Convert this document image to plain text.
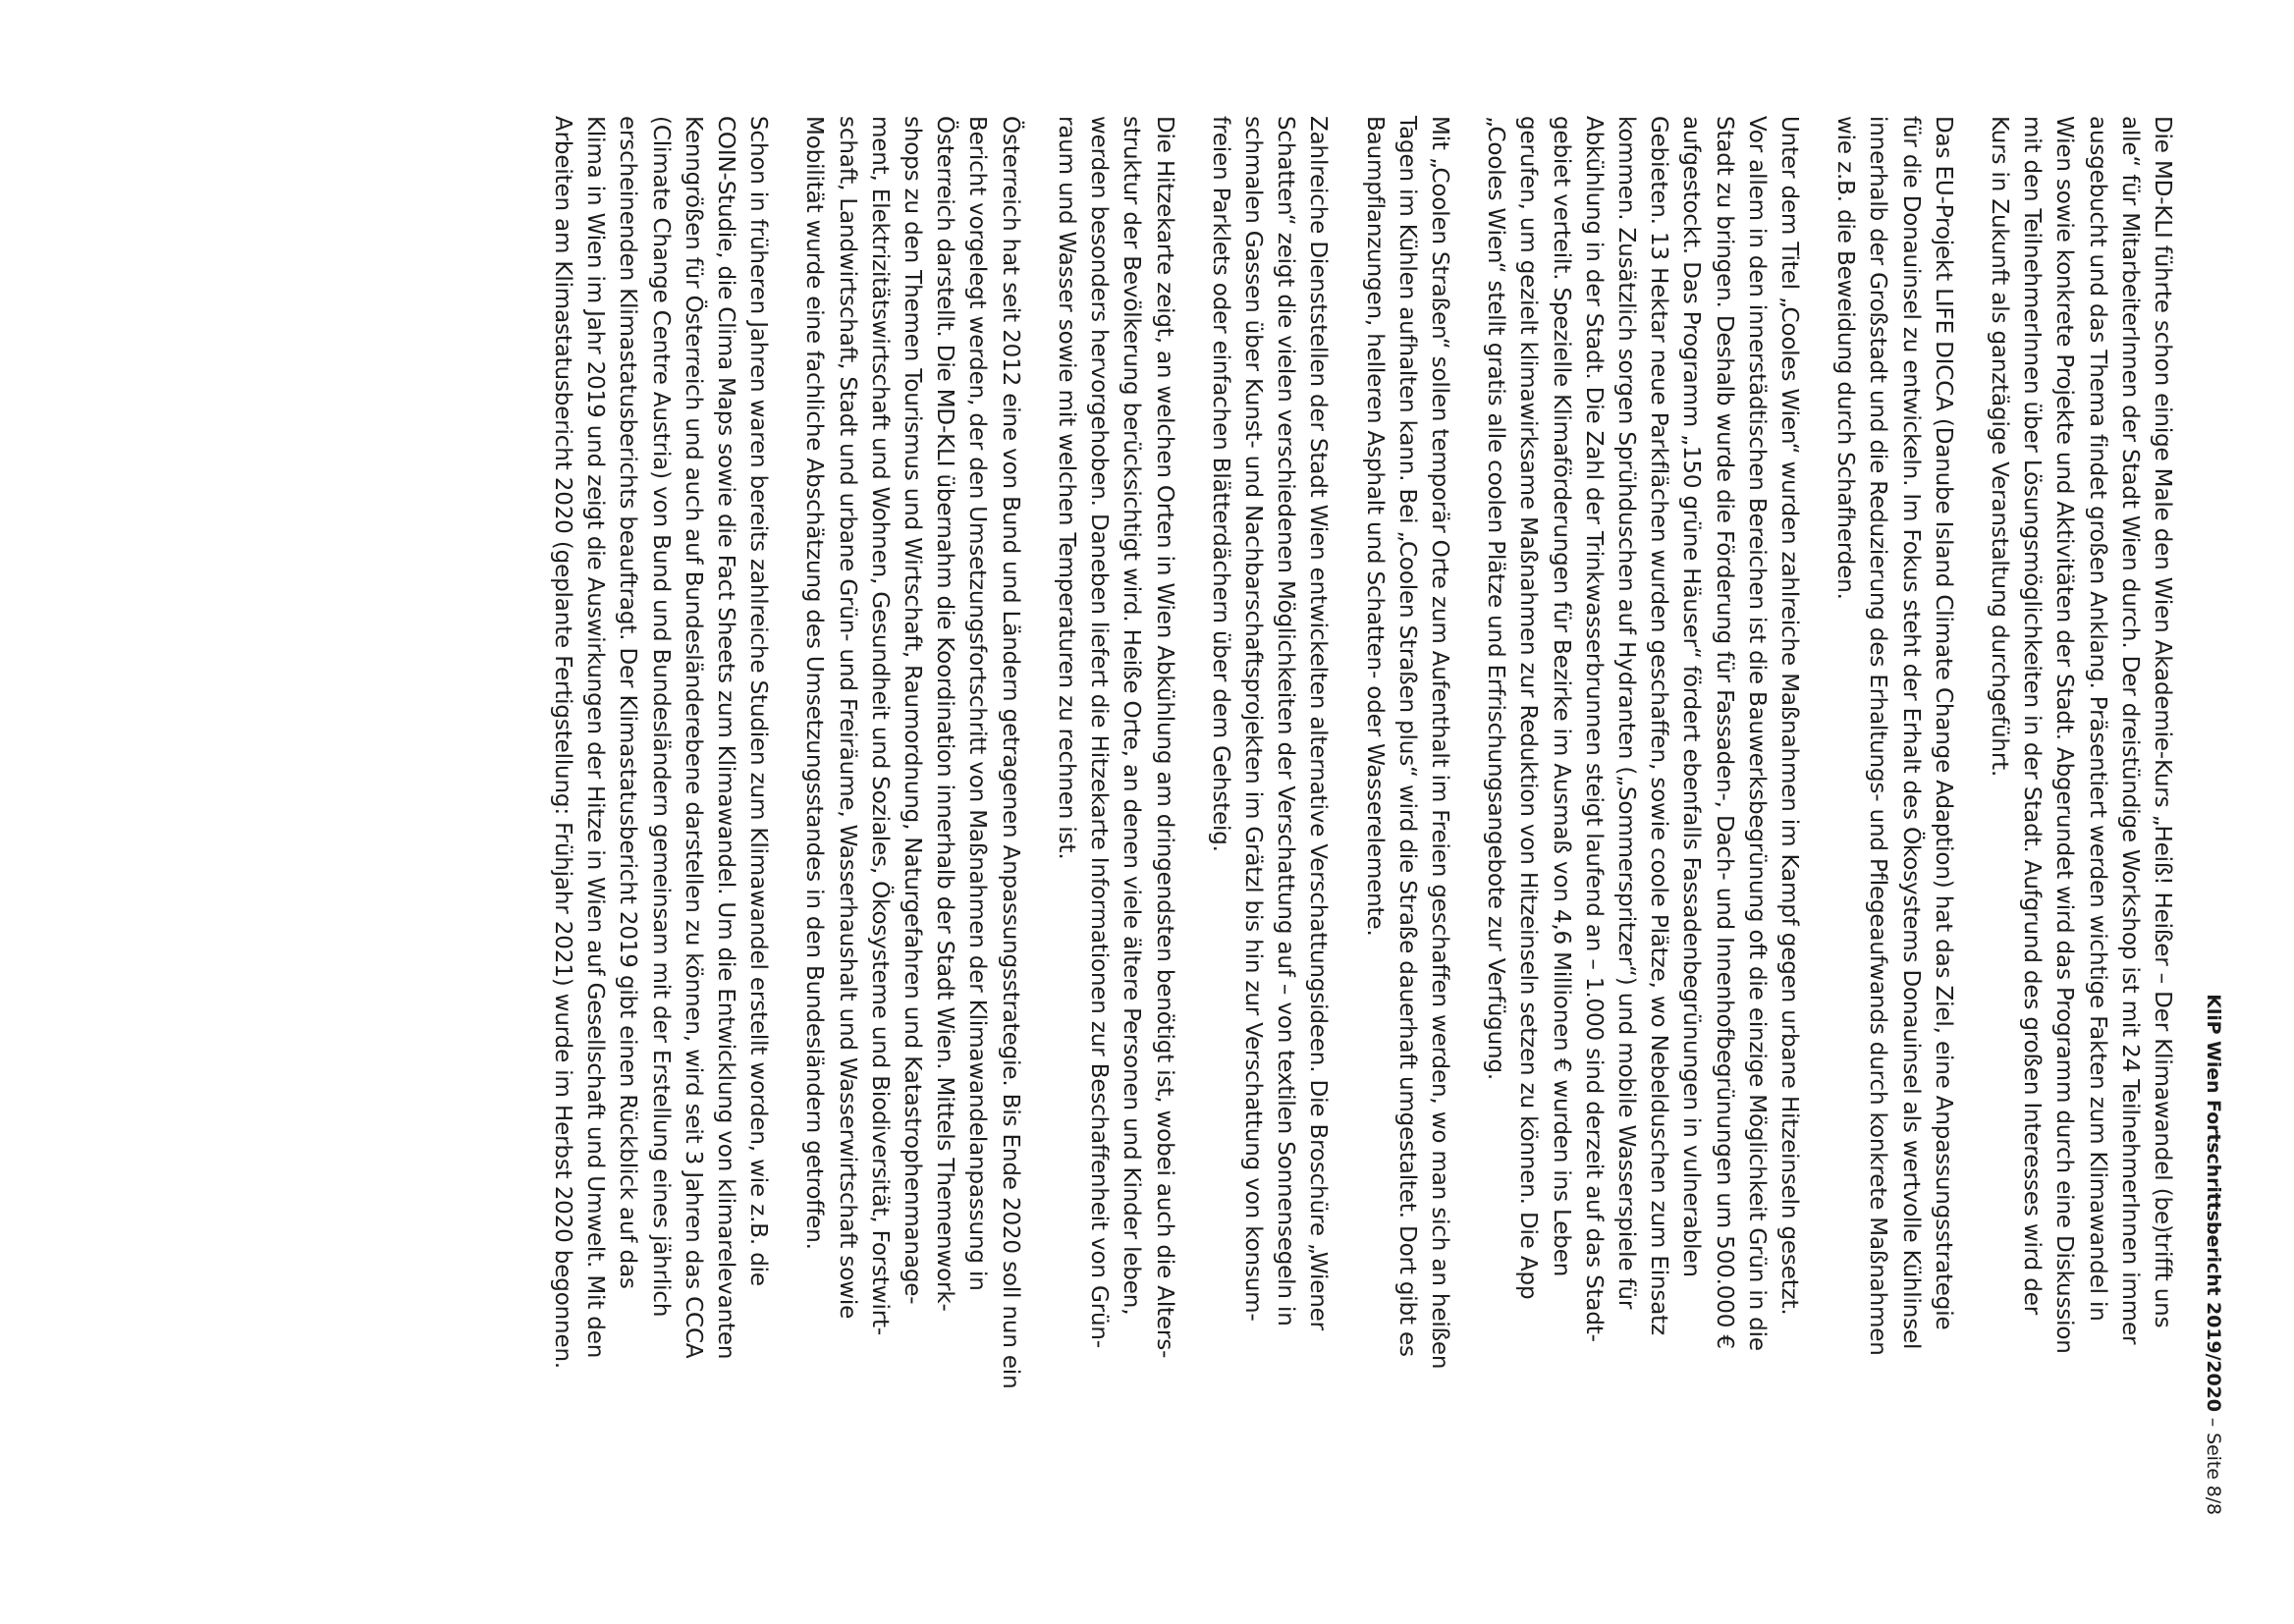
KliP Wien Fortschrittsbericht 2019/2020 – Seite 8/8

Die MD-KLI führte schon einige Male den Wien Akademie-Kurs „Heiß! Heißer – Der Klimawandel (be)trifft uns
alle“ für MitarbeiterInnen der Stadt Wien durch. Der dreistündige Workshop ist mit 24 TeilnehmerInnen immer
ausgebucht und das Thema findet großen Anklang. Präsentiert werden wichtige Fakten zum Klimawandel in
Wien sowie konkrete Projekte und Aktivitäten der Stadt. Abgerundet wird das Programm durch eine Diskussion
mit den TeilnehmerInnen über Lösungsmöglichkeiten in der Stadt. Aufgrund des großen Interesses wird der
Kurs in Zukunft als ganztägige Veranstaltung durchgeführt.

Das EU-Projekt LIFE DICCA (Danube Island Climate Change Adaption) hat das Ziel, eine Anpassungsstrategie
für die Donauinsel zu entwickeln. Im Fokus steht der Erhalt des Ökosystems Donauinsel als wertvolle Kühlinsel
innerhalb der Großstadt und die Reduzierung des Erhaltungs- und Pflegeaufwands durch konkrete Maßnahmen
wie z.B. die Beweidung durch Schafherden.

Unter dem Titel „Cooles Wien“ wurden zahlreiche Maßnahmen im Kampf gegen urbane Hitzeinseln gesetzt.
Vor allem in den innerstädtischen Bereichen ist die Bauwerksbegrünung oft die einzige Möglichkeit Grün in die
Stadt zu bringen. Deshalb wurde die Förderung für Fassaden-, Dach- und Innenhofbegrünungen um 500.000 €
aufgestockt. Das Programm „150 grüne Häuser“ fördert ebenfalls Fassadenbegrünungen in vulnerablen
Gebieten. 13 Hektar neue Parkflächen wurden geschaffen, sowie coole Plätze, wo Nebelduschen zum Einsatz
kommen. Zusätzlich sorgen Sprühduschen auf Hydranten („Sommerspritzer“) und mobile Wasserspiele für
Abkühlung in der Stadt. Die Zahl der Trinkwasserbrunnen steigt laufend an – 1.000 sind derzeit auf das Stadt-
gebiet verteilt. Spezielle Klimaförderungen für Bezirke im Ausmaß von 4,6 Millionen € wurden ins Leben
gerufen, um gezielt klimawirksame Maßnahmen zur Reduktion von Hitzeinseln setzen zu können. Die App
„Cooles Wien“ stellt gratis alle coolen Plätze und Erfrischungsangebote zur Verfügung.

Mit „Coolen Straßen“ sollen temporär Orte zum Aufenthalt im Freien geschaffen werden, wo man sich an heißen
Tagen im Kühlen aufhalten kann. Bei „Coolen Straßen plus“ wird die Straße dauerhaft umgestaltet. Dort gibt es
Baumpflanzungen, helleren Asphalt und Schatten- oder Wasserelemente.

Zahlreiche Dienststellen der Stadt Wien entwickelten alternative Verschattungsideen. Die Broschüre „Wiener
Schatten“ zeigt die vielen verschiedenen Möglichkeiten der Verschattung auf – von textilen Sonnensegeln in
schmalen Gassen über Kunst- und Nachbarschaftsprojekten im Grätzl bis hin zur Verschattung von konsum-
freien Parklets oder einfachen Blätterdächern über dem Gehsteig.

Die Hitzekarte zeigt, an welchen Orten in Wien Abkühlung am dringendsten benötigt ist, wobei auch die Alters-
struktur der Bevölkerung berücksichtigt wird. Heiße Orte, an denen viele ältere Personen und Kinder leben,
werden besonders hervorgehoben. Daneben liefert die Hitzekarte Informationen zur Beschaffenheit von Grün-
raum und Wasser sowie mit welchen Temperaturen zu rechnen ist.

Österreich hat seit 2012 eine von Bund und Ländern getragenen Anpassungsstrategie. Bis Ende 2020 soll nun ein
Bericht vorgelegt werden, der den Umsetzungsfortschritt von Maßnahmen der Klimawandelanpassung in
Österreich darstellt. Die MD-KLI übernahm die Koordination innerhalb der Stadt Wien. Mittels Themenwork-
shops zu den Themen Tourismus und Wirtschaft, Raumordnung, Naturgefahren und Katastrophenmanage-
ment, Elektrizitätswirtschaft und Wohnen, Gesundheit und Soziales, Ökosysteme und Biodiversität, Forstwirt-
schaft, Landwirtschaft, Stadt und urbane Grün- und Freiräume, Wasserhaushalt und Wasserwirtschaft sowie
Mobilität wurde eine fachliche Abschätzung des Umsetzungsstandes in den Bundesländern getroffen.

Schon in früheren Jahren waren bereits zahlreiche Studien zum Klimawandel erstellt worden, wie z.B. die
COIN-Studie, die Clima Maps sowie die Fact Sheets zum Klimawandel. Um die Entwicklung von klimarelevanten
Kenngrößen für Österreich und auch auf Bundesländerebene darstellen zu können, wird seit 3 Jahren das CCCA
(Climate Change Centre Austria) von Bund und Bundesländern gemeinsam mit der Erstellung eines jährlich
erscheinenden Klimastatusberichts beauftragt. Der Klimastatusbericht 2019 gibt einen Rückblick auf das
Klima in Wien im Jahr 2019 und zeigt die Auswirkungen der Hitze in Wien auf Gesellschaft und Umwelt. Mit den
Arbeiten am Klimastatusbericht 2020 (geplante Fertigstellung: Frühjahr 2021) wurde im Herbst 2020 begonnen.
